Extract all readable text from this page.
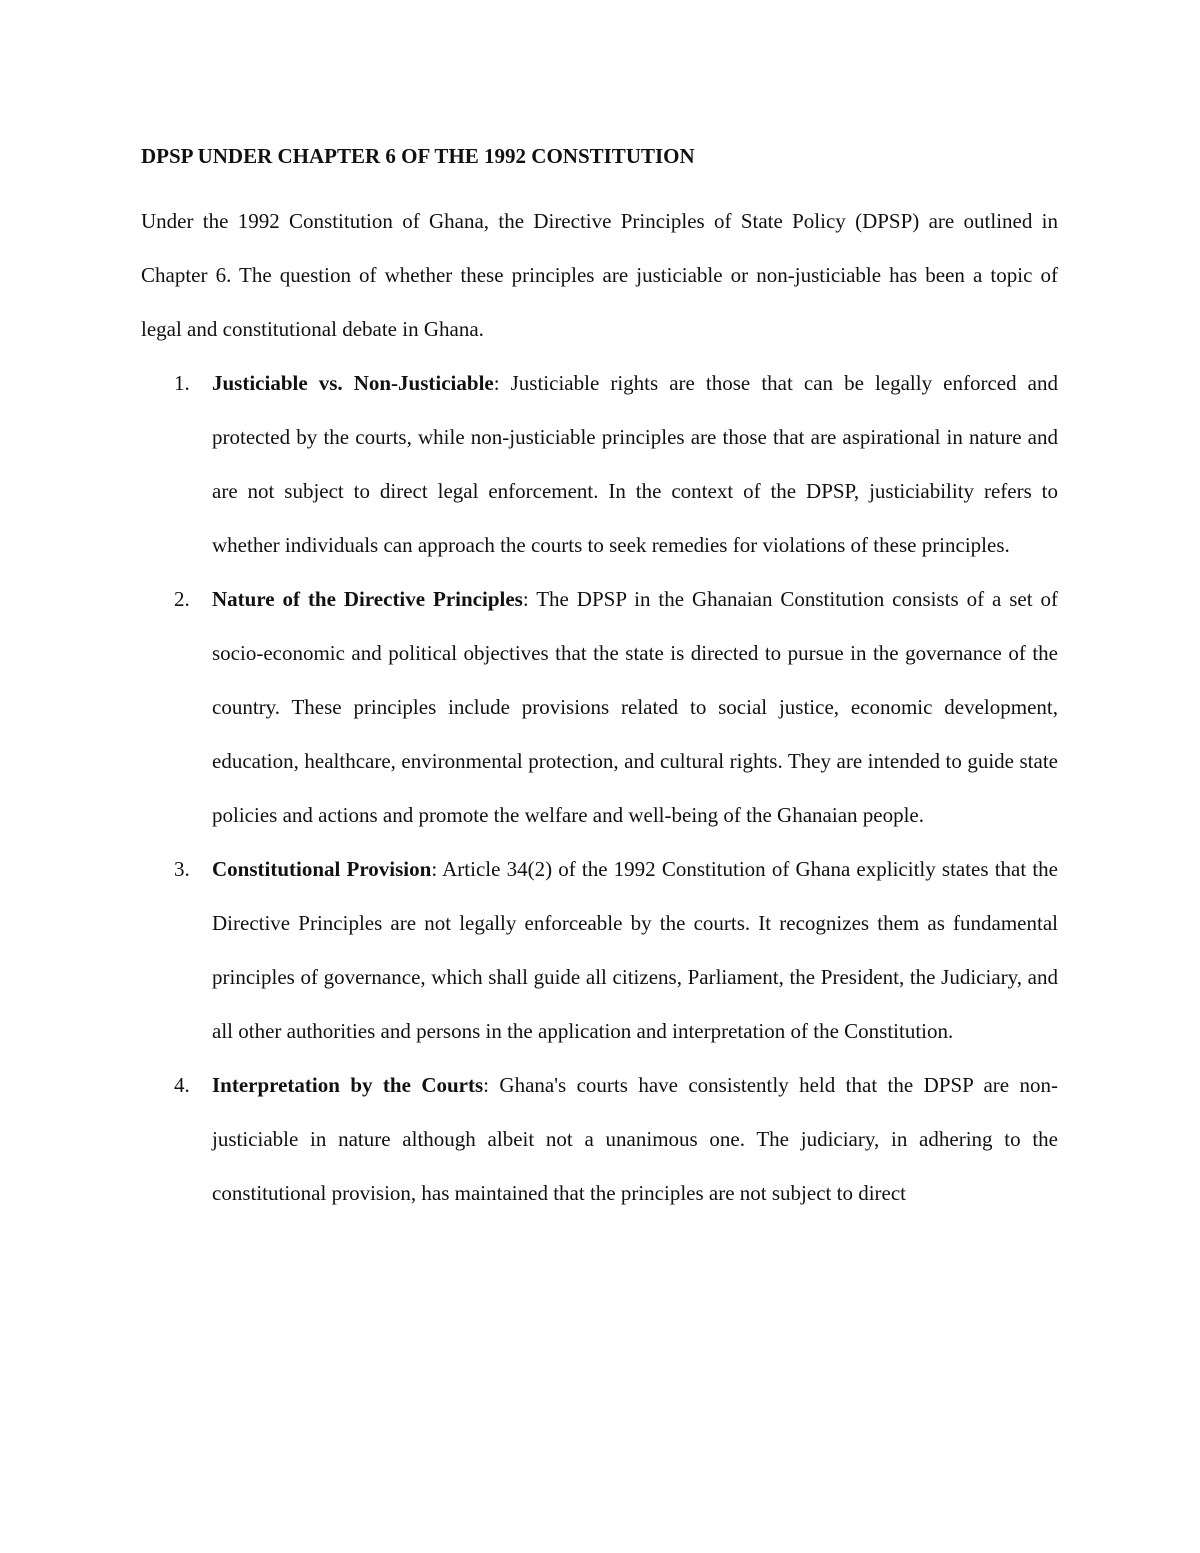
DPSP UNDER CHAPTER 6 OF THE 1992 CONSTITUTION

Under the 1992 Constitution of Ghana, the Directive Principles of State Policy (DPSP) are outlined in Chapter 6. The question of whether these principles are justiciable or non-justiciable has been a topic of legal and constitutional debate in Ghana.

1. Justiciable vs. Non-Justiciable: Justiciable rights are those that can be legally enforced and protected by the courts, while non-justiciable principles are those that are aspirational in nature and are not subject to direct legal enforcement. In the context of the DPSP, justiciability refers to whether individuals can approach the courts to seek remedies for violations of these principles.
2. Nature of the Directive Principles: The DPSP in the Ghanaian Constitution consists of a set of socio-economic and political objectives that the state is directed to pursue in the governance of the country. These principles include provisions related to social justice, economic development, education, healthcare, environmental protection, and cultural rights. They are intended to guide state policies and actions and promote the welfare and well-being of the Ghanaian people.
3. Constitutional Provision: Article 34(2) of the 1992 Constitution of Ghana explicitly states that the Directive Principles are not legally enforceable by the courts. It recognizes them as fundamental principles of governance, which shall guide all citizens, Parliament, the President, the Judiciary, and all other authorities and persons in the application and interpretation of the Constitution.
4. Interpretation by the Courts: Ghana's courts have consistently held that the DPSP are non-justiciable in nature although albeit not a unanimous one. The judiciary, in adhering to the constitutional provision, has maintained that the principles are not subject to direct
